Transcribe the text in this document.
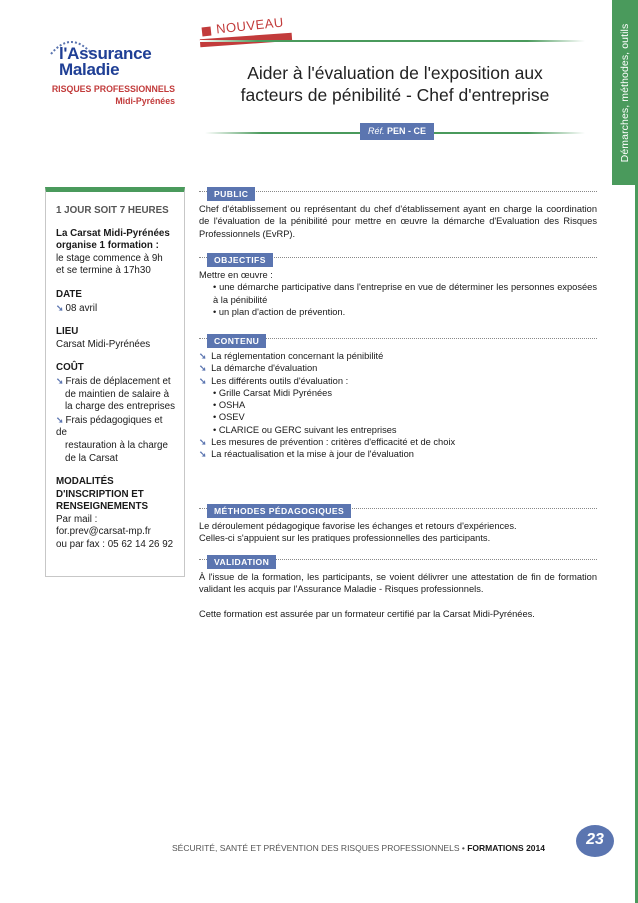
Démarches, méthodes, outils
l'Assurance
Maladie
RISQUES PROFESSIONNELS
Midi-Pyrénées
NOUVEAU
Aider à l'évaluation de l'exposition aux
facteurs de pénibilité - Chef d'entreprise
Réf. PEN - CE
1 JOUR SOIT 7 HEURES
La Carsat Midi-Pyrénées
organise 1 formation :
le stage commence à 9h
et se termine à 17h30
DATE
➘ 08 avril
LIEU
Carsat Midi-Pyrénées
COÛT
➘ Frais de déplacement et
de maintien de salaire à
la charge des entreprises
➘ Frais pédagogiques et de
restauration à la charge
de la Carsat
MODALITÉS
D'INSCRIPTION ET
RENSEIGNEMENTS
Par mail :
for.prev@carsat-mp.fr
ou par fax : 05 62 14 26 92
PUBLIC
Chef d'établissement ou représentant du chef d'établissement ayant en charge la coordination de l'évaluation de la pénibilité pour mettre en œuvre la démarche d'Evaluation des Risques Professionnels (EvRP).
OBJECTIFS
Mettre en œuvre :
• une démarche participative dans l'entreprise en vue de déterminer les personnes exposées à la pénibilité
• un plan d'action de prévention.
CONTENU
➘ La réglementation concernant la pénibilité
➘ La démarche d'évaluation
➘ Les différents outils d'évaluation :
• Grille Carsat Midi Pyrénées
• OSHA
• OSEV
• CLARICE ou GERC suivant les entreprises
➘ Les mesures de prévention : critères d'efficacité et de choix
➘ La réactualisation et la mise à jour de l'évaluation
MÉTHODES PÉDAGOGIQUES
Le déroulement pédagogique favorise les échanges et retours d'expériences.
Celles-ci s'appuient sur les pratiques professionnelles des participants.
VALIDATION
À l'issue de la formation, les participants, se voient délivrer une attestation de fin de formation validant les acquis par l'Assurance Maladie - Risques professionnels.
Cette formation est assurée par un formateur certifié par la Carsat Midi-Pyrénées.
SÉCURITÉ, SANTÉ ET PRÉVENTION DES RISQUES PROFESSIONNELS • FORMATIONS 2014	23
